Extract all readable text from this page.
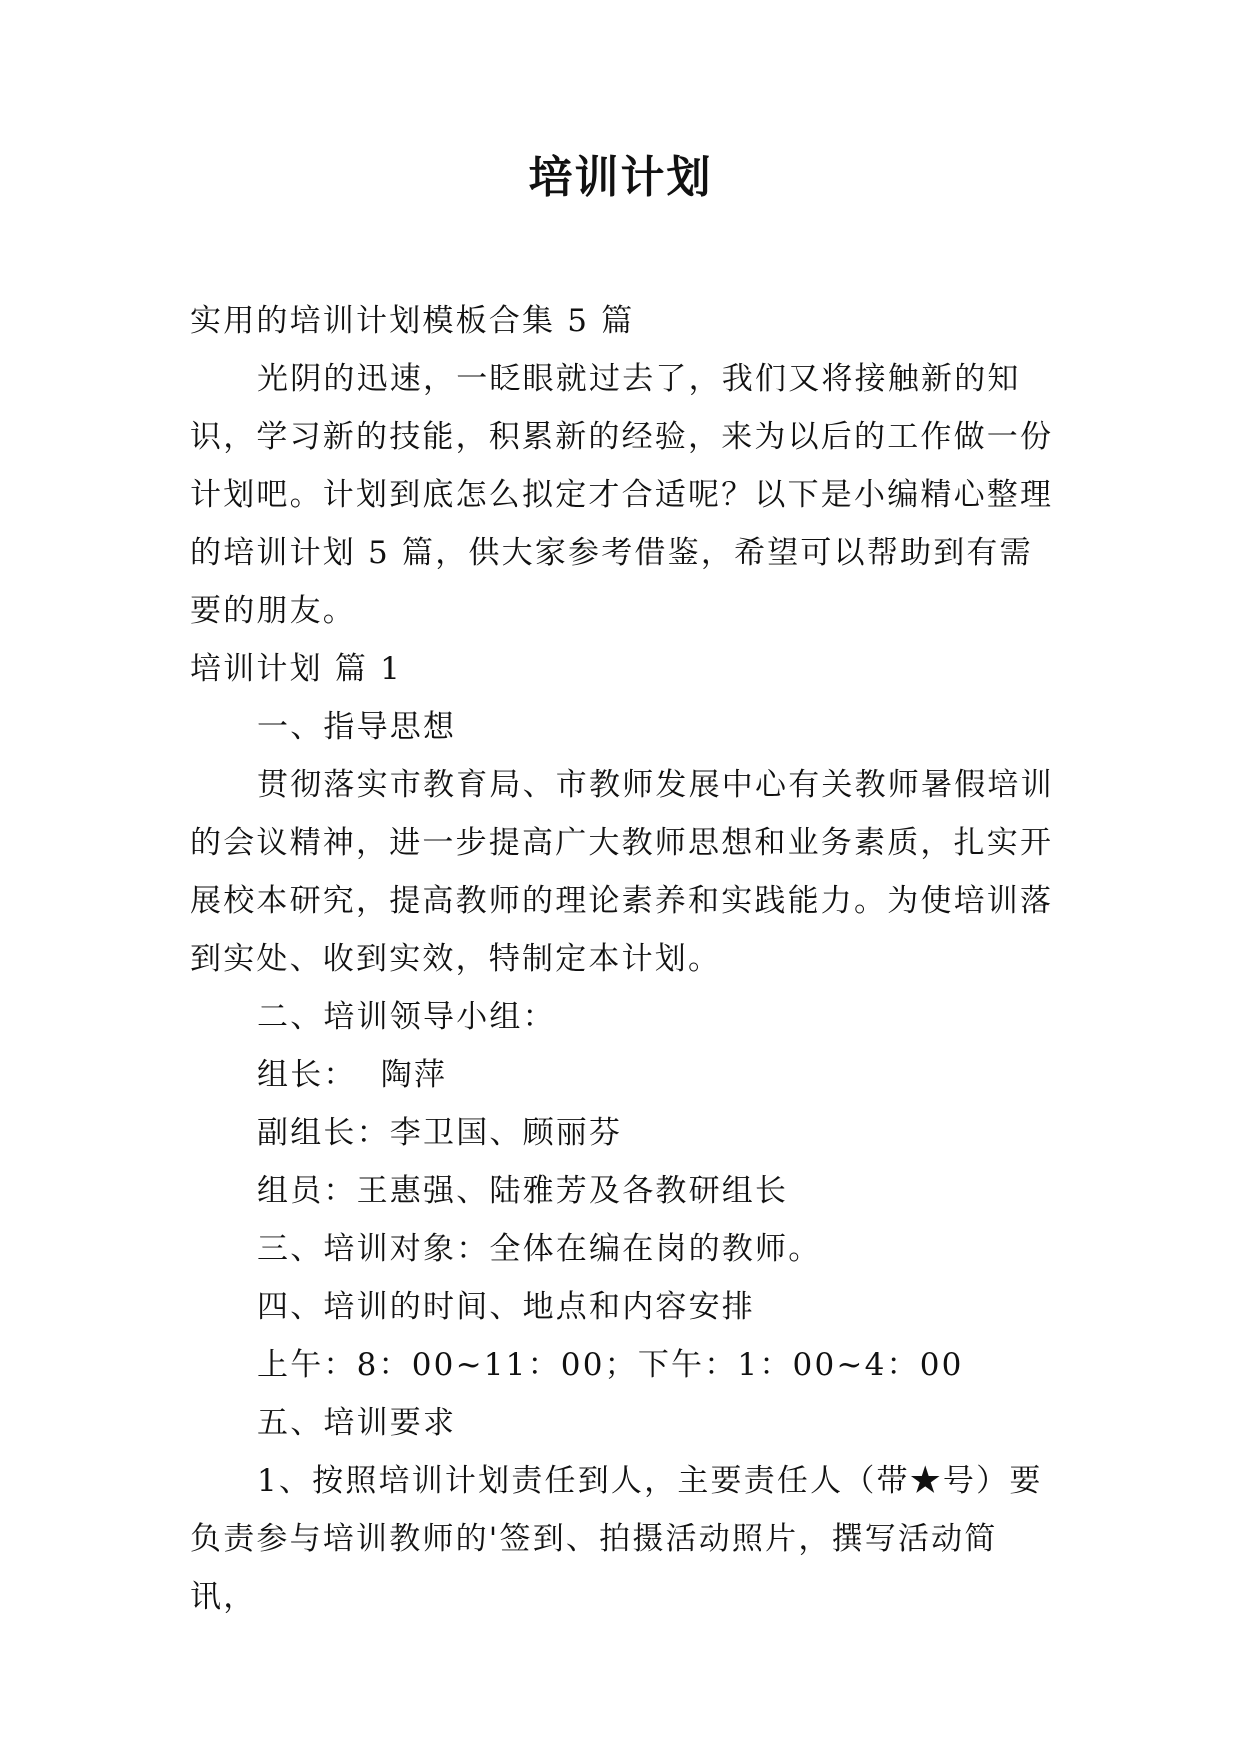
培训计划

实用的培训计划模板合集 5 篇

光阴的迅速，一眨眼就过去了，我们又将接触新的知识，学习新的技能，积累新的经验，来为以后的工作做一份计划吧。计划到底怎么拟定才合适呢？以下是小编精心整理的培训计划 5 篇，供大家参考借鉴，希望可以帮助到有需要的朋友。

培训计划 篇 1

一、指导思想

贯彻落实市教育局、市教师发展中心有关教师暑假培训的会议精神，进一步提高广大教师思想和业务素质，扎实开展校本研究，提高教师的理论素养和实践能力。为使培训落到实处、收到实效，特制定本计划。

二、培训领导小组：

组长：  陶萍

副组长：李卫国、顾丽芬

组员：王惠强、陆雅芳及各教研组长

三、培训对象：全体在编在岗的教师。

四、培训的时间、地点和内容安排

上午：8：00~11：00；下午：1：00~4：00

五、培训要求

1、按照培训计划责任到人，主要责任人（带★号）要负责参与培训教师的'签到、拍摄活动照片，撰写活动简讯，
